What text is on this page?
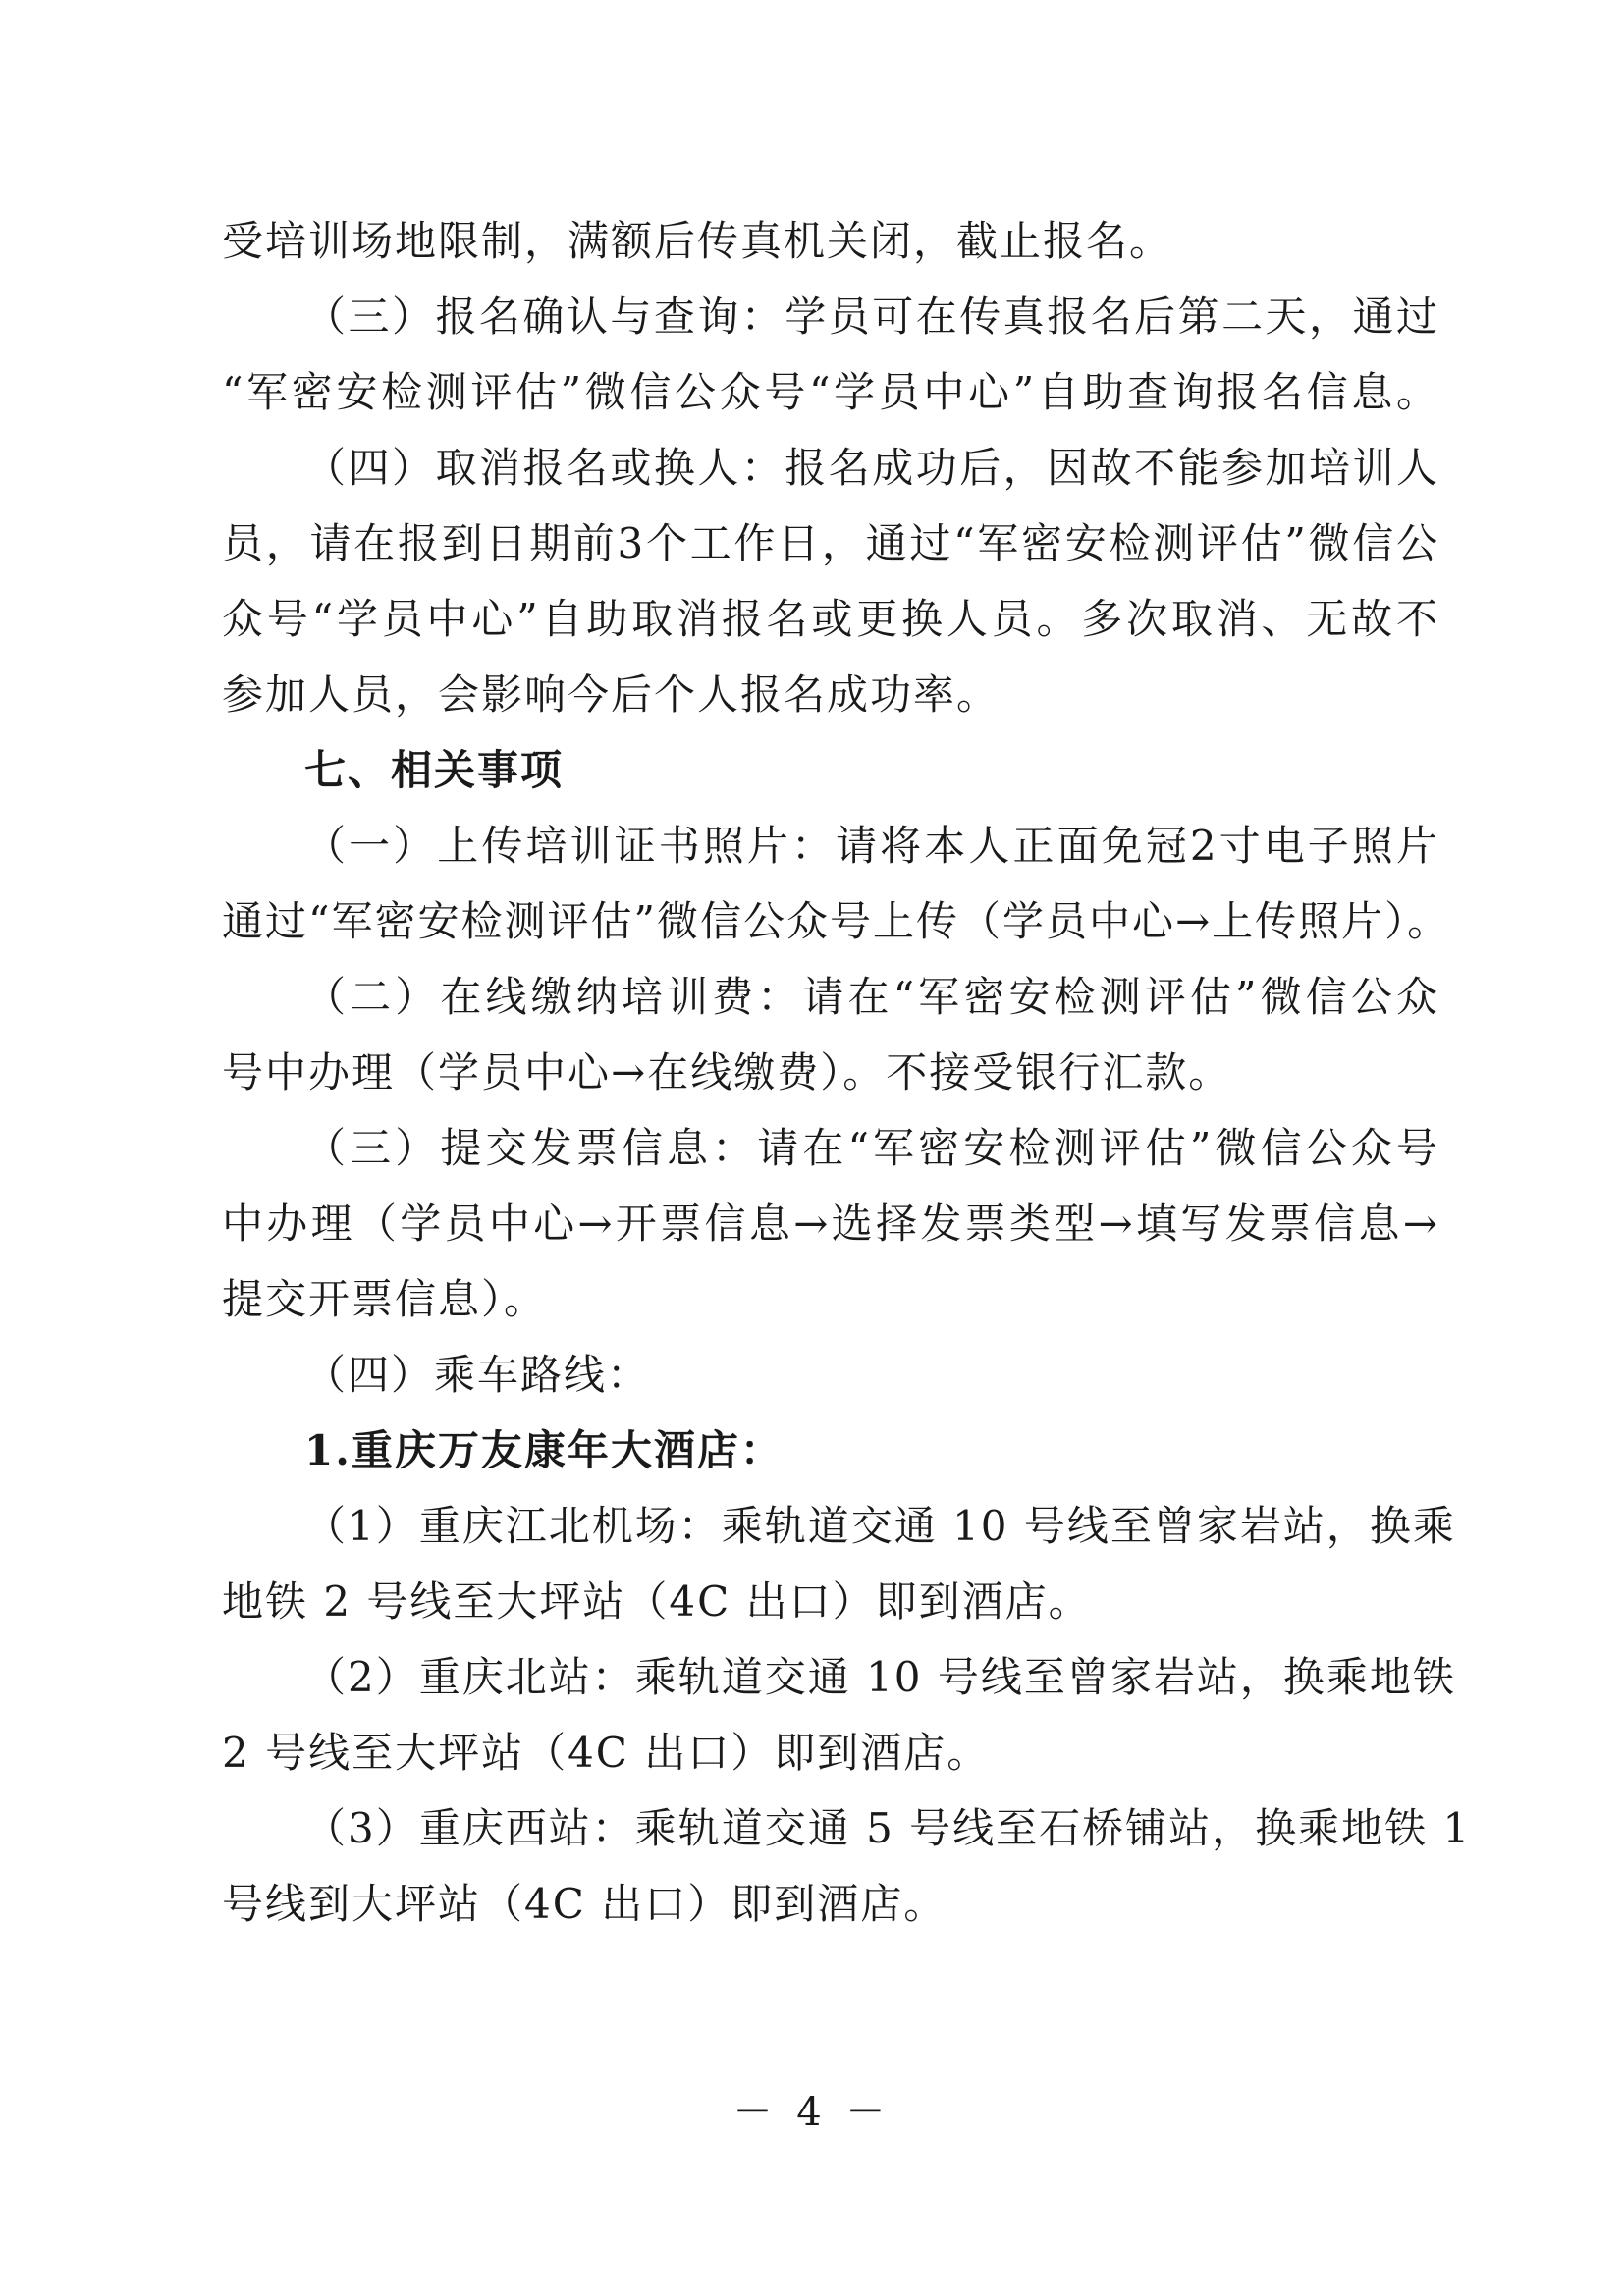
受培训场地限制，满额后传真机关闭，截止报名。
（三）报名确认与查询：学员可在传真报名后第二天，通过
“军密安检测评估”微信公众号“学员中心”自助查询报名信息。
（四）取消报名或换人：报名成功后，因故不能参加培训人
员，请在报到日期前3个工作日，通过“军密安检测评估”微信公
众号“学员中心”自助取消报名或更换人员。多次取消、无故不
参加人员，会影响今后个人报名成功率。
七、相关事项
（一）上传培训证书照片：请将本人正面免冠2寸电子照片
通过“军密安检测评估”微信公众号上传（学员中心→上传照片）。
（二）在线缴纳培训费：请在“军密安检测评估”微信公众
号中办理（学员中心→在线缴费）。不接受银行汇款。
（三）提交发票信息：请在“军密安检测评估”微信公众号
中办理（学员中心→开票信息→选择发票类型→填写发票信息→
提交开票信息）。
（四）乘车路线：
1.重庆万友康年大酒店：
（1）重庆江北机场：乘轨道交通 10 号线至曾家岩站，换乘
地铁 2 号线至大坪站（4C 出口）即到酒店。
（2）重庆北站：乘轨道交通 10 号线至曾家岩站，换乘地铁
2 号线至大坪站（4C 出口）即到酒店。
（3）重庆西站：乘轨道交通 5 号线至石桥铺站，换乘地铁 1
号线到大坪站（4C 出口）即到酒店。
－ 4 －
